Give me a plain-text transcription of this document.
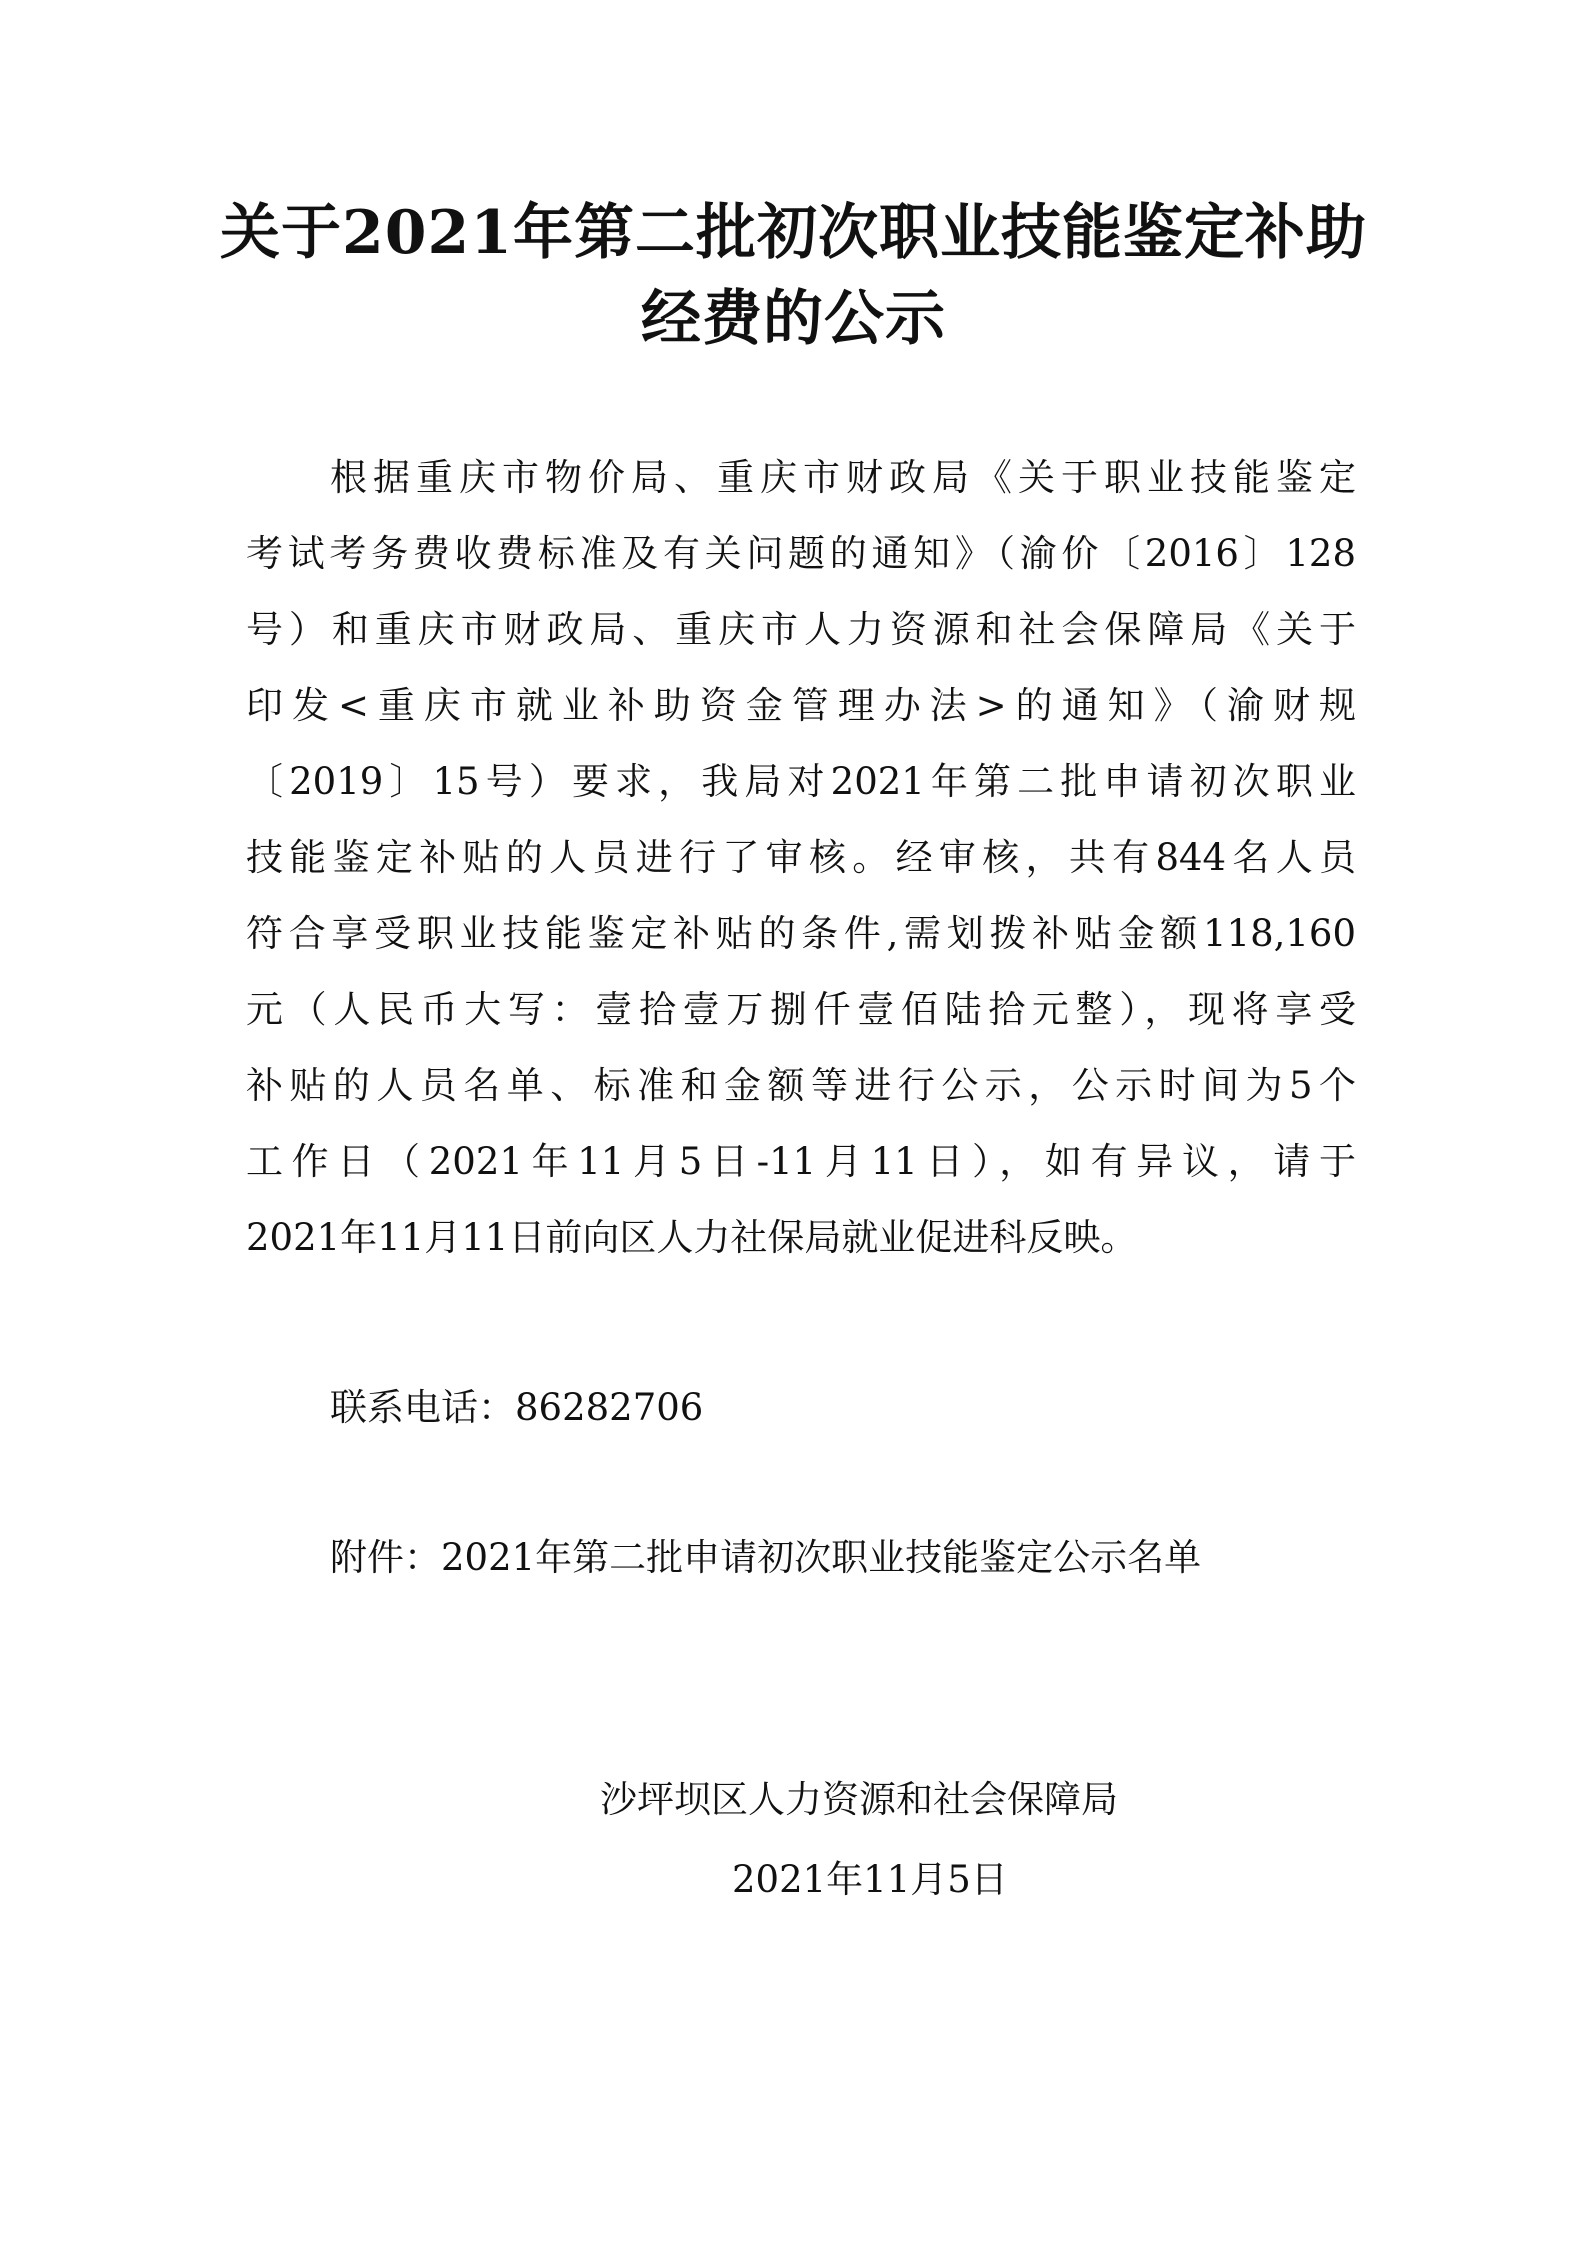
关于2021年第二批初次职业技能鉴定补助
经费的公示

根据重庆市物价局、重庆市财政局《关于职业技能鉴定
考试考务费收费标准及有关问题的通知》（渝价〔2016〕128
号）和重庆市财政局、重庆市人力资源和社会保障局《关于
印发<重庆市就业补助资金管理办法>的通知》（渝财规
〔2019〕15号）要求，我局对2021年第二批申请初次职业
技能鉴定补贴的人员进行了审核。经审核，共有844名人员
符合享受职业技能鉴定补贴的条件,需划拨补贴金额118,160
元（人民币大写：壹拾壹万捌仟壹佰陆拾元整），现将享受
补贴的人员名单、标准和金额等进行公示，公示时间为5个
工作日（2021年11月5日-11月11日），如有异议，请于
2021年11月11日前向区人力社保局就业促进科反映。

联系电话：86282706

附件：2021年第二批申请初次职业技能鉴定公示名单

沙坪坝区人力资源和社会保障局
2021年11月5日
